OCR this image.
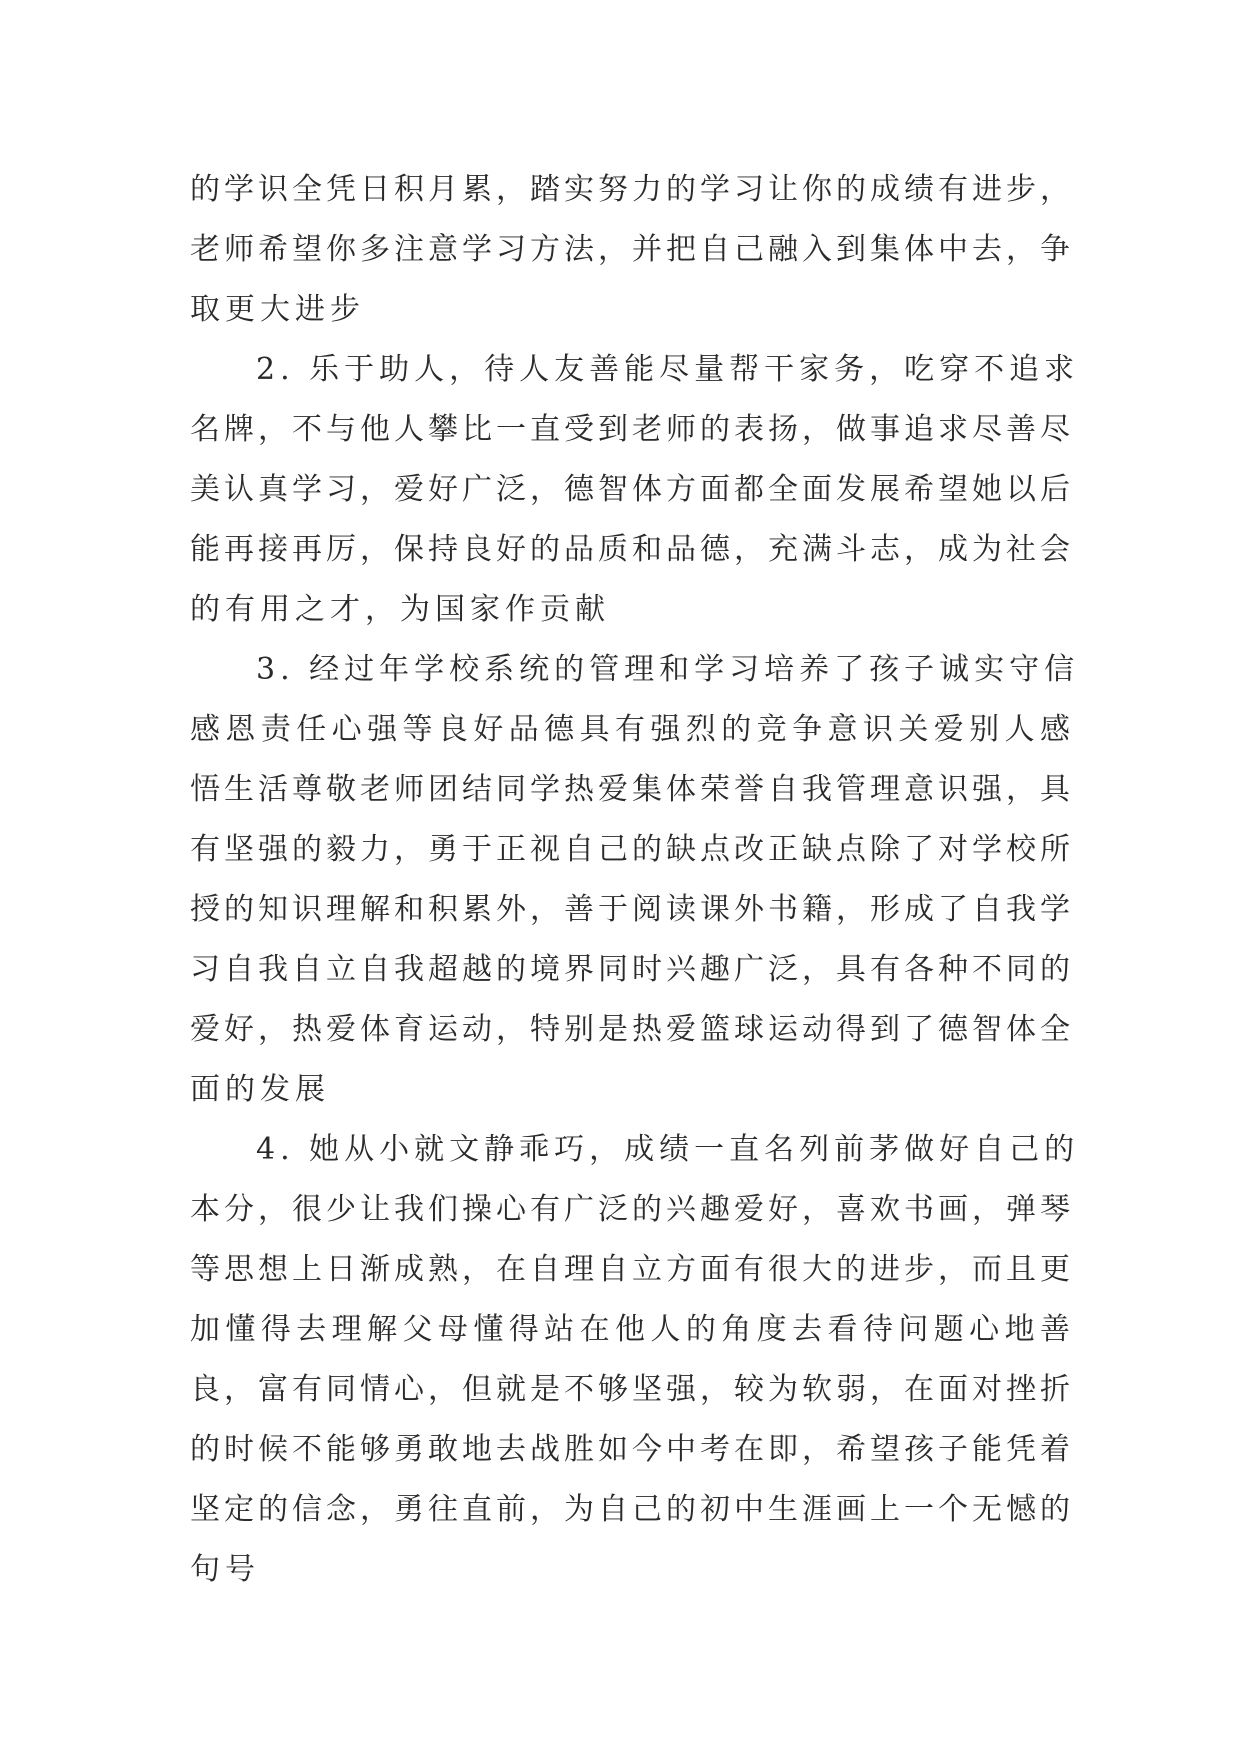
的学识全凭日积月累，踏实努力的学习让你的成绩有进步，
老师希望你多注意学习方法，并把自己融入到集体中去，争
取更大进步
2. 乐于助人，待人友善能尽量帮干家务，吃穿不追求
名牌，不与他人攀比一直受到老师的表扬，做事追求尽善尽
美认真学习，爱好广泛，德智体方面都全面发展希望她以后
能再接再厉，保持良好的品质和品德，充满斗志，成为社会
的有用之才，为国家作贡献
3. 经过年学校系统的管理和学习培养了孩子诚实守信
感恩责任心强等良好品德具有强烈的竞争意识关爱别人感
悟生活尊敬老师团结同学热爱集体荣誉自我管理意识强，具
有坚强的毅力，勇于正视自己的缺点改正缺点除了对学校所
授的知识理解和积累外，善于阅读课外书籍，形成了自我学
习自我自立自我超越的境界同时兴趣广泛，具有各种不同的
爱好，热爱体育运动，特别是热爱篮球运动得到了德智体全
面的发展
4. 她从小就文静乖巧，成绩一直名列前茅做好自己的
本分，很少让我们操心有广泛的兴趣爱好，喜欢书画，弹琴
等思想上日渐成熟，在自理自立方面有很大的进步，而且更
加懂得去理解父母懂得站在他人的角度去看待问题心地善
良，富有同情心，但就是不够坚强，较为软弱，在面对挫折
的时候不能够勇敢地去战胜如今中考在即，希望孩子能凭着
坚定的信念，勇往直前，为自己的初中生涯画上一个无憾的
句号
